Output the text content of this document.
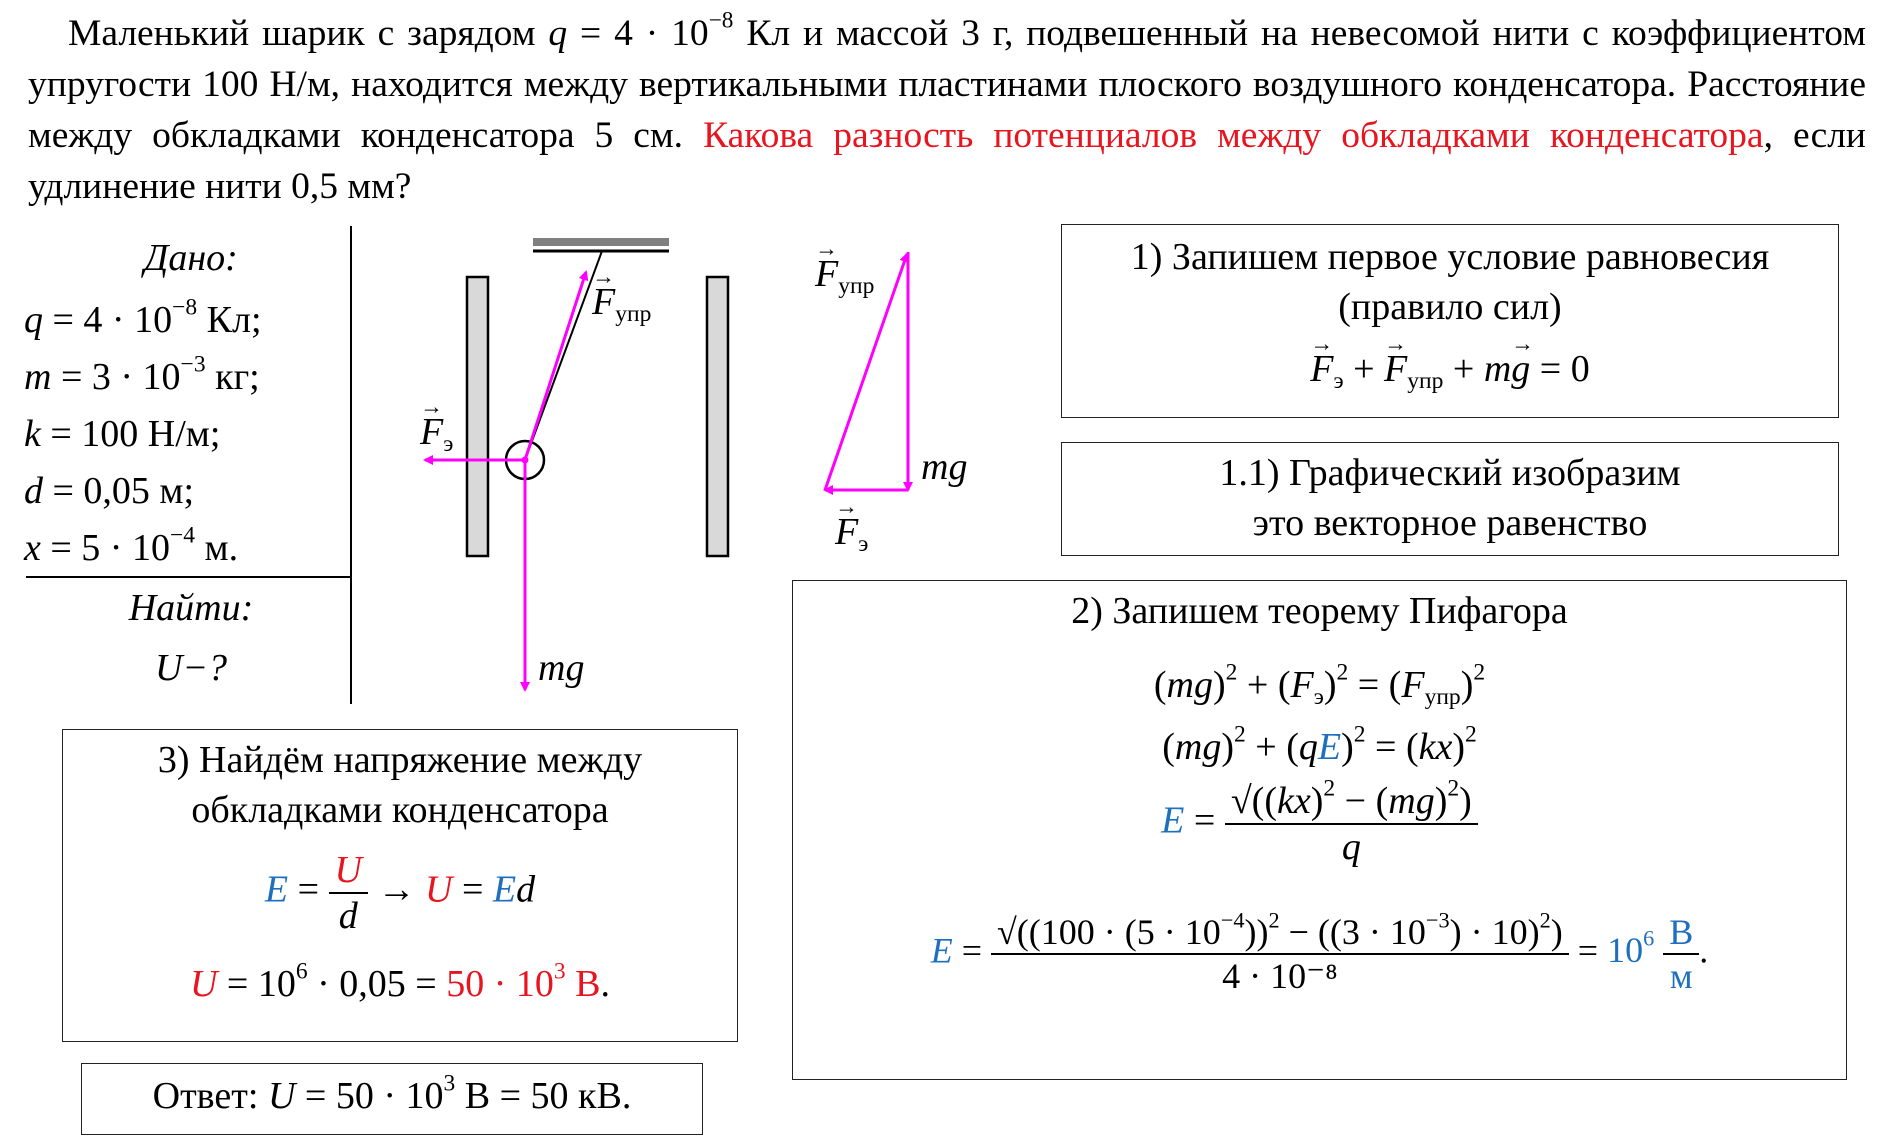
Маленький шарик с зарядом $q = 4 \cdot 10^{-8}$ Кл и массой 3 г, подвешенный на невесомой нити с коэффициентом упругости 100 Н/м, находится между вертикальными пластинами плоского воздушного конденсатора. Расстояние между обкладками конденсатора 5 см. Какова разность потенциалов между обкладками конденсатора, если удлинение нити 0,5 мм?
Дано:
$q = 4 \cdot 10^{-8}$ Кл;
$m = 3 \cdot 10^{-3}$ кг;
k = 100 Н/м;
d = 0,05 м;
$x = 5 \cdot 10^{-4}$ м.
Найти:
U−?
→ $F_{упр}$
→ $F_э$
mg
→ $F_{упр}$
mg
→ $F_э$
1) Запишем первое условие равновесия
(правило сил)
→ $F_э$ + → $F_{упр} + m\to g = 0$
1.1) Графический изобразим
это векторное равенство
2) Запишем теорему Пифагора
$(mg)^2 + (F_э)^2 = (F_{упр})^2$
(mg)$^2$ + (qE)$^2$ = (kx)$^2$
$E = \frac{√((kx)^2 - (mg)^2)}{q}$
$E = \frac{√((100 \cdot (5 \cdot 10^{-4}))^2 - ((3 \cdot 10^{-3}) \cdot 10)^2)}{\text{4 · 10⁻⁸}} = 10^6 \frac{В}{м}$ .
3) Найдём напряжение между
обкладками конденсатора
$E = \frac{U}{d} \to U = Ed$
$U = 10^6 \cdot 0,05 = 50 \cdot 10^3$ В.
Ответ: $U = 50 \cdot 10^3$ В = 50 кВ.
